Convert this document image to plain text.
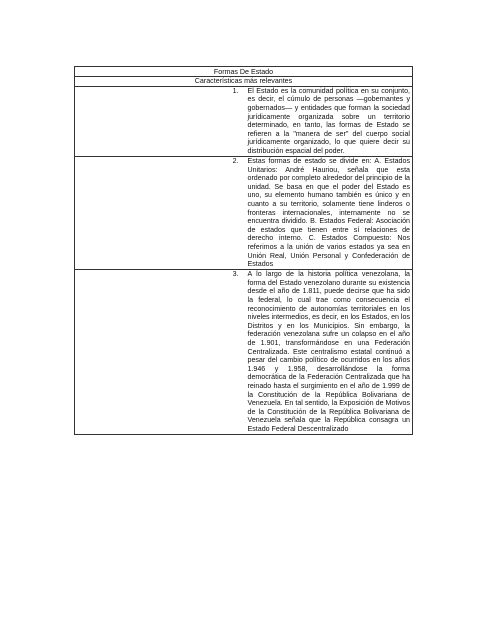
Formas De Estado	
Características más relevantes	
1.	El Estado es la comunidad política en su conjunto, es decir, el cúmulo de personas —gobernantes y gobernados— y entidades que forman la sociedad jurídicamente organizada sobre un territorio determinado, en tanto, las formas de Estado se refieren a la "manera de ser" del cuerpo social jurídicamente organizado, lo que quiere decir su distribución espacial del poder.
2.	Estas formas de estado se divide en: A. Estados Unitarios: André Hauriou, señala que esta ordenado por completo alrededor del principio de la unidad. Se basa en que el poder del Estado es uno, su elemento humano también es único y en cuanto a su territorio, solamente tiene linderos o fronteras internacionales, internamente no se encuentra dividido. B. Estados Federal: Asociación de estados que tienen entre sí relaciones de derecho interno. C. Estados Compuesto: Nos referimos a la unión de varios estados ya sea en Unión Real, Unión Personal y Confederación de Estados
3.	A lo largo de la historia política venezolana, la forma del Estado venezolano durante su existencia desde el año de 1.811, puede decirse que ha sido la federal, lo cual trae como consecuencia el reconocimiento de autonomías territoriales en los niveles intermedios, es decir, en los Estados, en los Distritos y en los Municipios. Sin embargo, la federación venezolana sufre un colapso en el año de 1.901, transformándose en una Federación Centralizada. Este centralismo estatal continuó a pesar del cambio político de ocurridos en los años 1.946 y 1.958, desarrollándose la forma democrática de la Federación Centralizada que ha reinado hasta el surgimiento en el año de 1.999 de la Constitución de la República Bolivariana de Venezuela. En tal sentido, la Exposición de Motivos de la Constitución de la República Bolivariana de Venezuela señala que la República consagra un Estado Federal Descentralizado
